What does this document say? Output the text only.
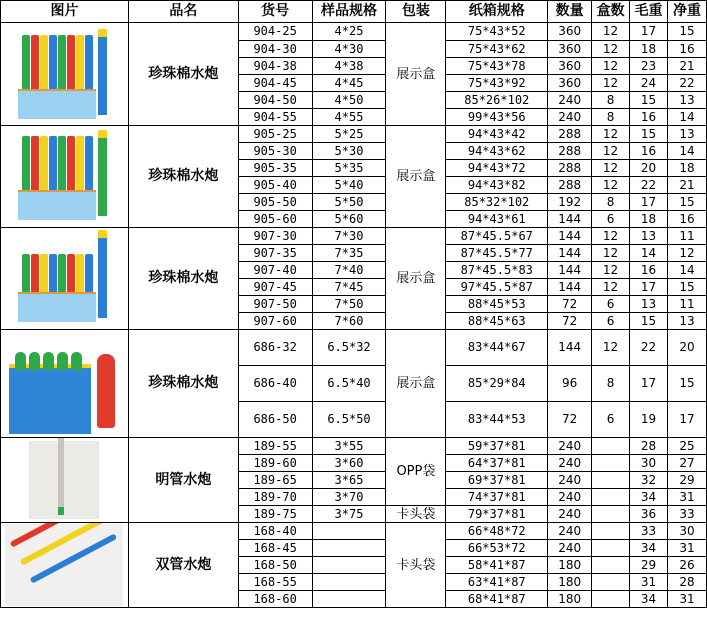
图片	品名	货号	样品规格	包装	纸箱规格	数量	盒数	毛重	净重

	珍珠棉水炮	904-25	4*25	展示盒	75*43*52	360	12	17	15
		904-30	4*30		75*43*62	360	12	18	16
		904-38	4*38		75*43*78	360	12	23	21
		904-45	4*45		75*43*92	360	12	24	22
		904-50	4*50		85*26*102	240	8	15	13
		904-55	4*55		99*43*56	240	8	16	14

	珍珠棉水炮	905-25	5*25	展示盒	94*43*42	288	12	15	13
		905-30	5*30		94*43*62	288	12	16	14
		905-35	5*35		94*43*72	288	12	20	18
		905-40	5*40		94*43*82	288	12	22	21
		905-50	5*50		85*32*102	192	8	17	15
		905-60	5*60		94*43*61	144	6	18	16

	珍珠棉水炮	907-30	7*30	展示盒	87*45.5*67	144	12	13	11
		907-35	7*35		87*45.5*77	144	12	14	12
		907-40	7*40		87*45.5*83	144	12	16	14
		907-45	7*45		97*45.5*87	144	12	17	15
		907-50	7*50		88*45*53	72	6	13	11
		907-60	7*60		88*45*63	72	6	15	13

	珍珠棉水炮	686-32	6.5*32	展示盒	83*44*67	144	12	22	20
		686-40	6.5*40		85*29*84	96	8	17	15
		686-50	6.5*50		83*44*53	72	6	19	17

	明管水炮	189-55	3*55	OPP袋	59*37*81	240		28	25
		189-60	3*60		64*37*81	240		30	27
		189-65	3*65		69*37*81	240		32	29
		189-70	3*70		74*37*81	240		34	31
		189-75	3*75	卡头袋	79*37*81	240		36	33

	双管水炮	168-40		卡头袋	66*48*72	240		33	30
		168-45			66*53*72	240		34	31
		168-50			58*41*87	180		29	26
		168-55			63*41*87	180		31	28
		168-60			68*41*87	180		34	31
